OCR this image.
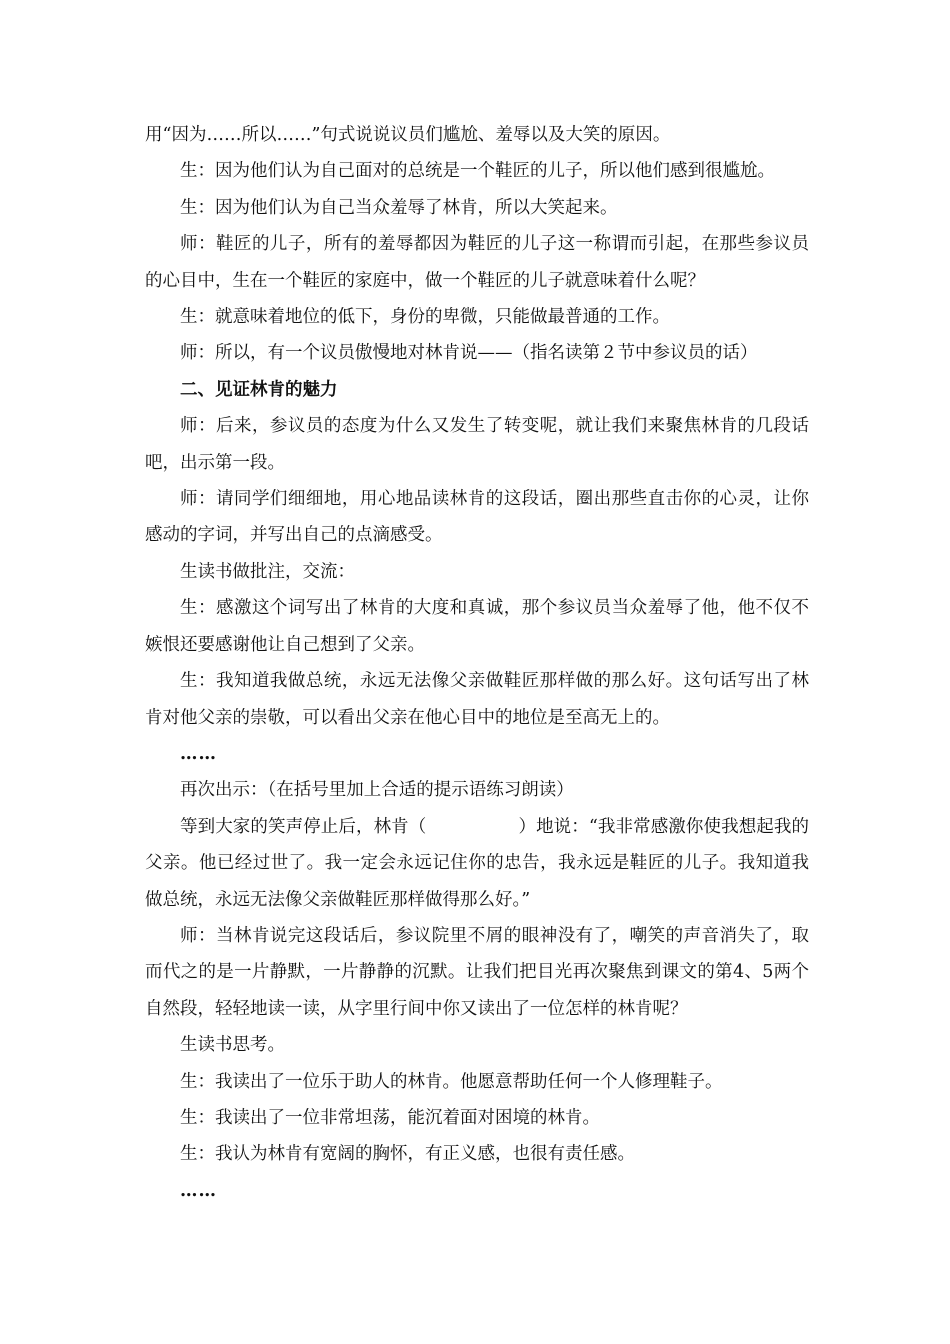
用“因为……所以……”句式说说议员们尴尬、羞辱以及大笑的原因。

生：因为他们认为自己面对的总统是一个鞋匠的儿子，所以他们感到很尴尬。

生：因为他们认为自己当众羞辱了林肯，所以大笑起来。

师：鞋匠的儿子，所有的羞辱都因为鞋匠的儿子这一称谓而引起，在那些参议员的心目中，生在一个鞋匠的家庭中，做一个鞋匠的儿子就意味着什么呢？

生：就意味着地位的低下，身份的卑微，只能做最普通的工作。

师：所以，有一个议员傲慢地对林肯说——（指名读第２节中参议员的话）

二、见证林肯的魅力

师：后来，参议员的态度为什么又发生了转变呢，就让我们来聚焦林肯的几段话吧，出示第一段。

师：请同学们细细地，用心地品读林肯的这段话，圈出那些直击你的心灵，让你感动的字词，并写出自己的点滴感受。

生读书做批注，交流：

生：感激这个词写出了林肯的大度和真诚，那个参议员当众羞辱了他，他不仅不嫉恨还要感谢他让自己想到了父亲。

生：我知道我做总统，永远无法像父亲做鞋匠那样做的那么好。这句话写出了林肯对他父亲的崇敬，可以看出父亲在他心目中的地位是至高无上的。

……

再次出示：（在括号里加上合适的提示语练习朗读）

等到大家的笑声停止后，林肯（	）地说：“我非常感激你使我想起我的父亲。他已经过世了。我一定会永远记住你的忠告，我永远是鞋匠的儿子。我知道我做总统，永远无法像父亲做鞋匠那样做得那么好。”

师：当林肯说完这段话后，参议院里不屑的眼神没有了，嘲笑的声音消失了，取而代之的是一片静默，一片静静的沉默。让我们把目光再次聚焦到课文的第4、5两个自然段，轻轻地读一读，从字里行间中你又读出了一位怎样的林肯呢？

生读书思考。

生：我读出了一位乐于助人的林肯。他愿意帮助任何一个人修理鞋子。

生：我读出了一位非常坦荡，能沉着面对困境的林肯。

生：我认为林肯有宽阔的胸怀，有正义感，也很有责任感。

……
